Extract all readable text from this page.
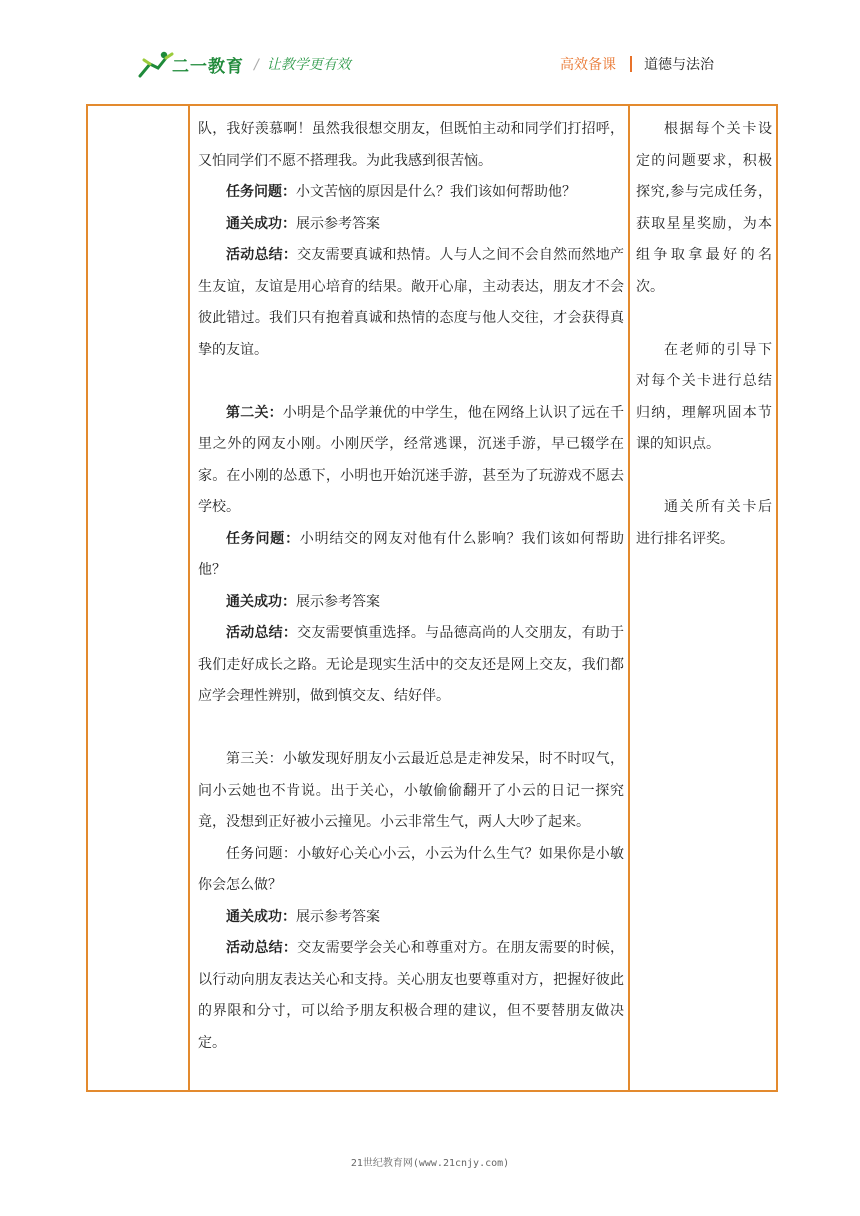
二一教育 / 让教学更有效	高效备课 道德与法治

队，我好羡慕啊！虽然我很想交朋友，但既怕主动和同学们打招呼，又怕同学们不愿不搭理我。为此我感到很苦恼。

任务问题：小文苦恼的原因是什么？我们该如何帮助他？

通关成功：展示参考答案

活动总结：交友需要真诚和热情。人与人之间不会自然而然地产生友谊，友谊是用心培育的结果。敞开心扉，主动表达，朋友才不会彼此错过。我们只有抱着真诚和热情的态度与他人交往，才会获得真挚的友谊。

第二关：小明是个品学兼优的中学生，他在网络上认识了远在千里之外的网友小刚。小刚厌学，经常逃课，沉迷手游，早已辍学在家。在小刚的怂恿下，小明也开始沉迷手游，甚至为了玩游戏不愿去学校。

任务问题：小明结交的网友对他有什么影响？我们该如何帮助他？

通关成功：展示参考答案

活动总结：交友需要慎重选择。与品德高尚的人交朋友，有助于我们走好成长之路。无论是现实生活中的交友还是网上交友，我们都应学会理性辨别，做到慎交友、结好伴。

第三关：小敏发现好朋友小云最近总是走神发呆，时不时叹气，问小云她也不肯说。出于关心，小敏偷偷翻开了小云的日记一探究竟，没想到正好被小云撞见。小云非常生气，两人大吵了起来。

任务问题：小敏好心关心小云，小云为什么生气？如果你是小敏你会怎么做？

通关成功：展示参考答案

活动总结：交友需要学会关心和尊重对方。在朋友需要的时候，以行动向朋友表达关心和支持。关心朋友也要尊重对方，把握好彼此的界限和分寸，可以给予朋友积极合理的建议，但不要替朋友做决定。

根据每个关卡设定的问题要求，积极探究,参与完成任务，获取星星奖励，为本组争取拿最好的名次。

在老师的引导下对每个关卡进行总结归纳，理解巩固本节课的知识点。

通关所有关卡后进行排名评奖。

21世纪教育网(www.21cnjy.com)
